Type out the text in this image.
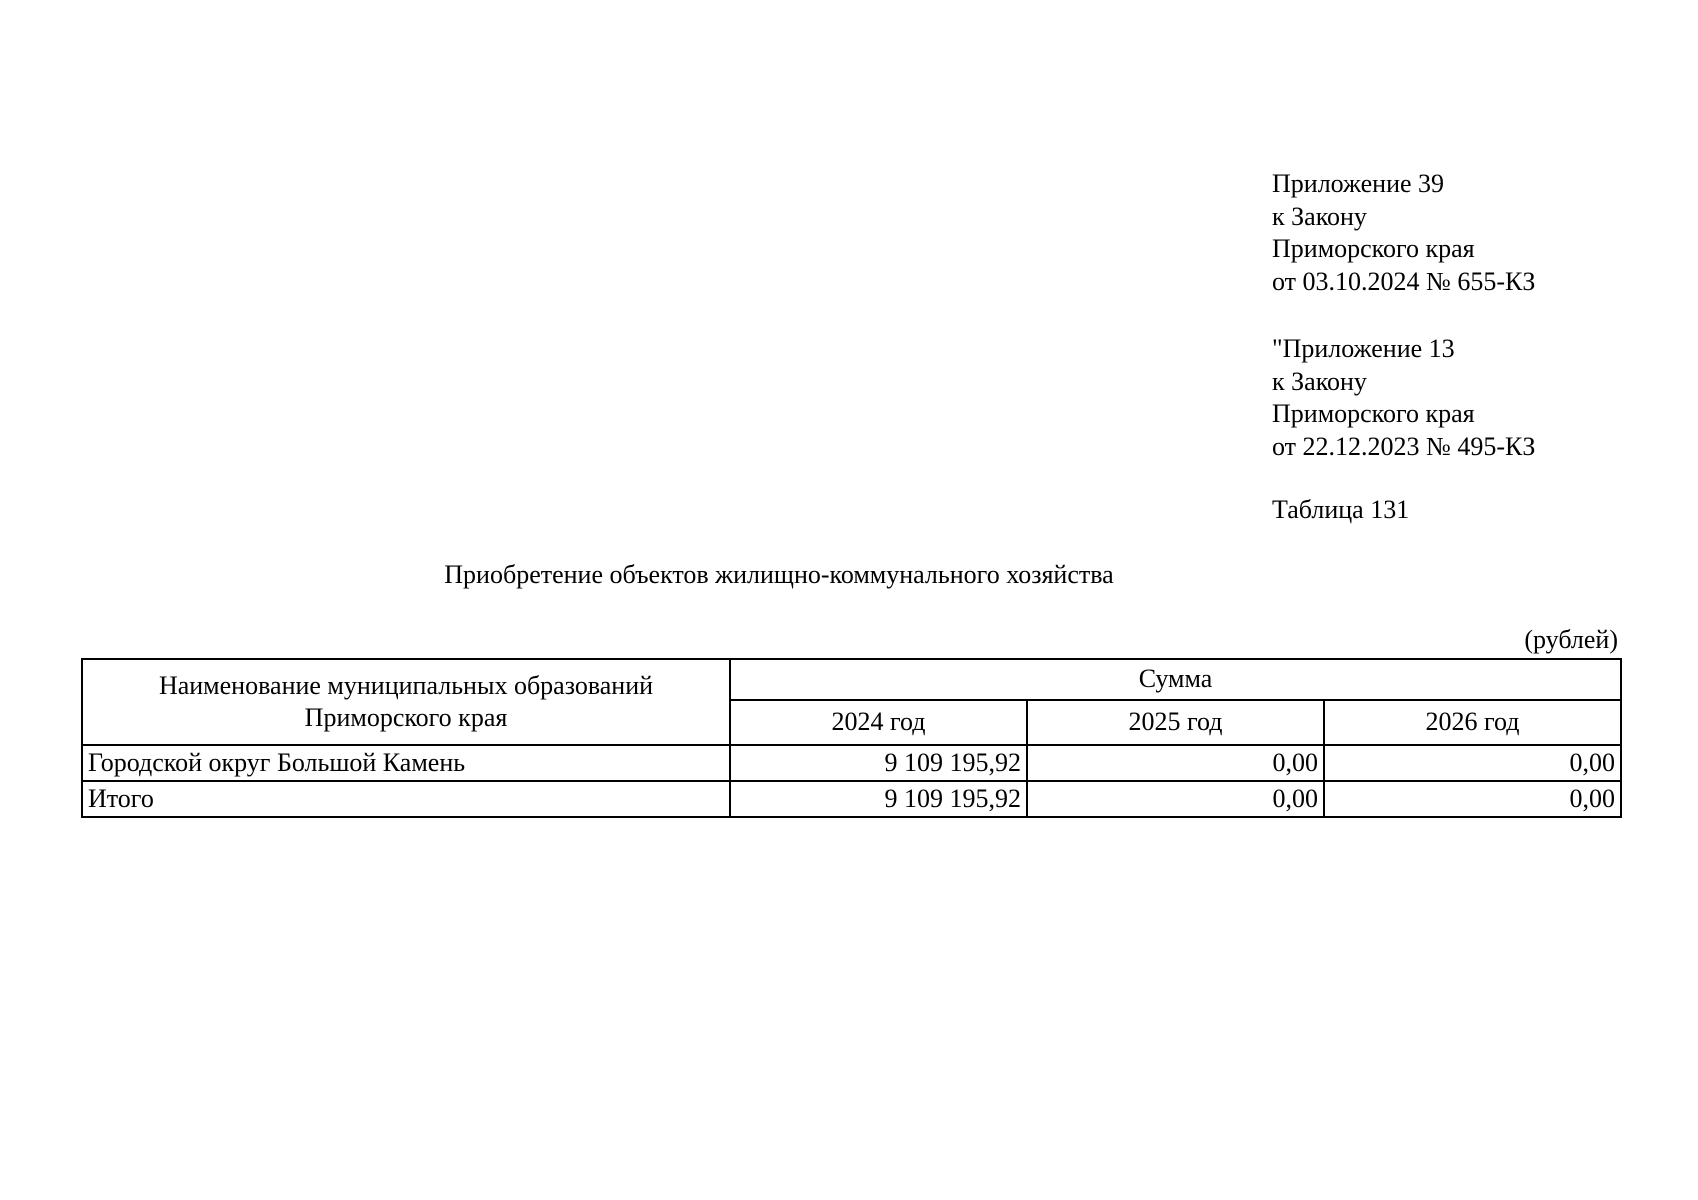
Приложение 39
к Закону
Приморского края
от 03.10.2024 № 655-КЗ
"Приложение 13
к Закону
Приморского края
от 22.12.2023 № 495-КЗ
Таблица 131
Приобретение объектов жилищно-коммунального хозяйства
(рублей)
Наименование муниципальных образований
Приморского края	Сумма		
	2024 год	2025 год	2026 год
Городской округ Большой Камень	9 109 195,92	0,00	0,00
Итого	9 109 195,92	0,00	0,00
